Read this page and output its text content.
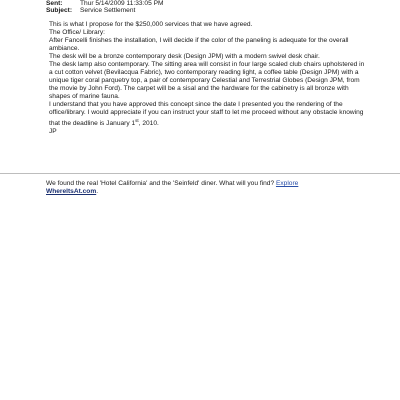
Sent:	Thur 5/14/2009 11:33:05 PM
Subject: Service Settlement

This is what I propose for the $250,000 services that we have agreed.

The Office/ Library:

After Fancelli finishes the installation, I will decide if the color of the paneling is adequate for the overall ambiance.

The desk will be a bronze contemporary desk (Design JPM) with a modern swivel desk chair.

The desk lamp also contemporary. The sitting area will consist in four large scaled club chairs upholstered in a cut cotton velvet (Bevilacqua Fabric), two contemporary reading light, a coffee table (Design JPM) with a unique tiger coral parquetry top, a pair of contemporary Celestial and Terrestrial Globes (Design JPM, from the movie by John Ford). The carpet will be a sisal and the hardware for the cabinetry is all bronze with shapes of marine fauna.

I understand that you have approved this concept since the date I presented you the rendering of the office/library. I would appreciate if you can instruct your staff to let me proceed without any obstacle knowing that the deadline is January 1st, 2010.

JP

We found the real 'Hotel California' and the 'Seinfeld' diner. What will you find? Explore
WhereItsAt.com.
